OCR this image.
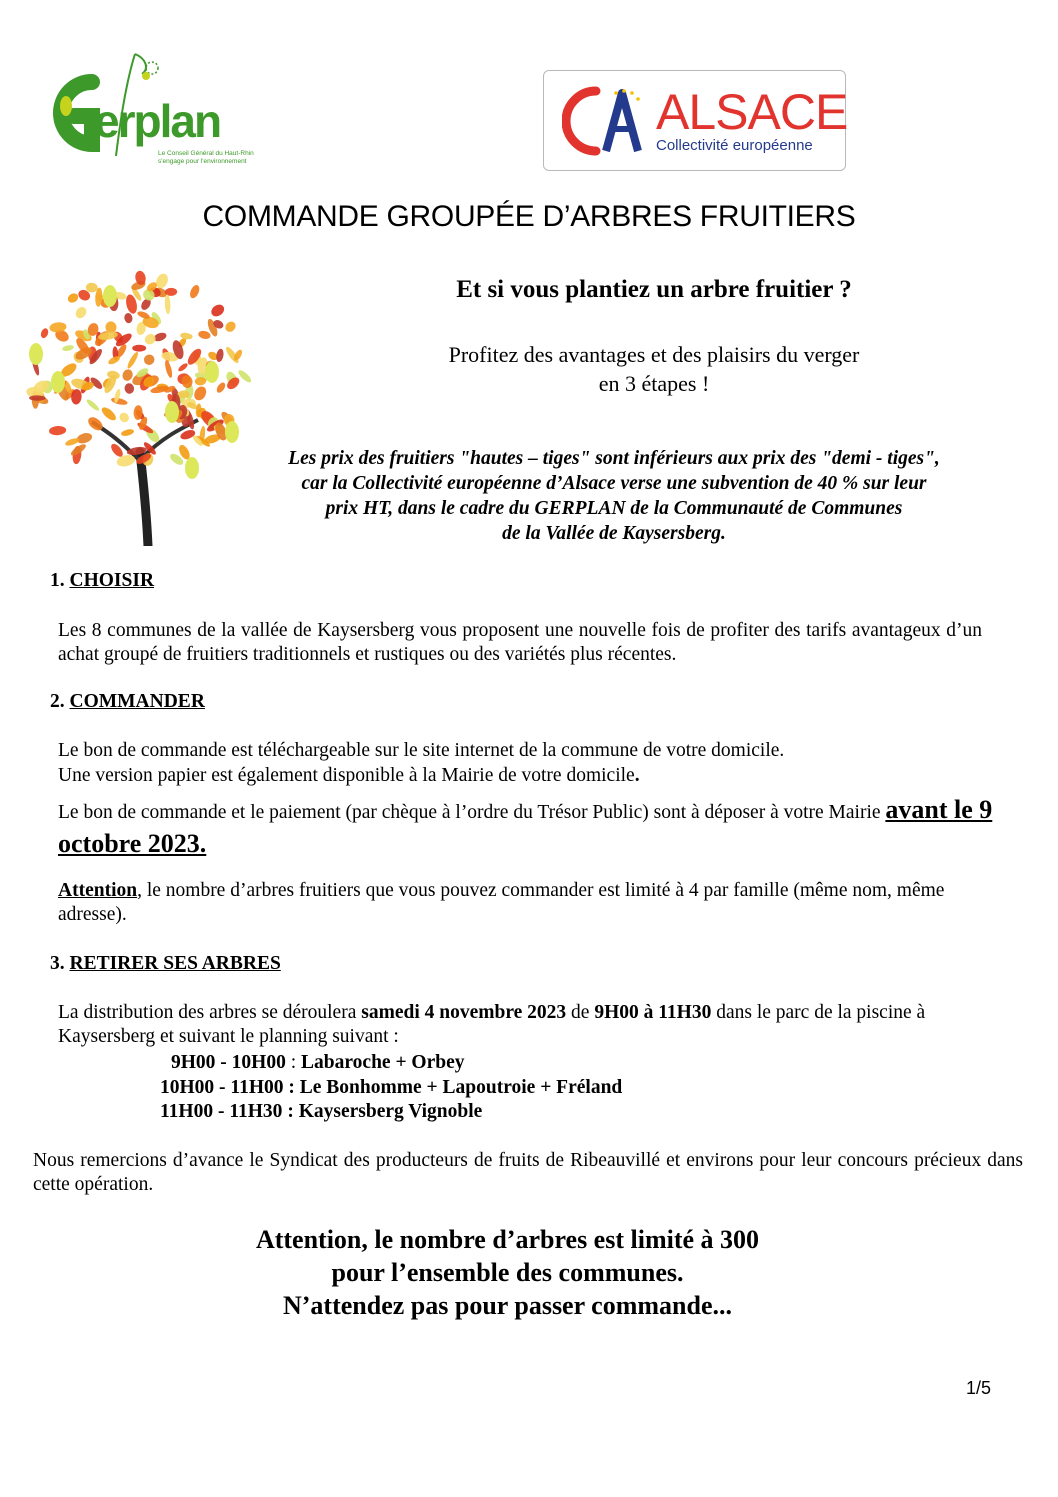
erplan
Le Conseil Général du Haut-Rhin
s'engage pour l'environnement
ALSACE
Collectivité européenne
COMMANDE GROUPÉE D’ARBRES FRUITIERS
Et si vous plantiez un arbre fruitier ?
Profitez des avantages et des plaisirs du verger
en 3 étapes !
Les prix des fruitiers "hautes – tiges" sont inférieurs aux prix des "demi - tiges",
car la Collectivité européenne d’Alsace verse une subvention de 40 % sur leur
prix HT, dans le cadre du GERPLAN de la Communauté de Communes
de la Vallée de Kaysersberg.
1. CHOISIR
Les 8 communes de la vallée de Kaysersberg vous proposent une nouvelle fois de profiter des tarifs avantageux d’un achat groupé de fruitiers traditionnels et rustiques ou des variétés plus récentes.
2. COMMANDER
Le bon de commande est téléchargeable sur le site internet de la commune de votre domicile.
Une version papier est également disponible à la Mairie de votre domicile.
Le bon de commande et le paiement (par chèque à l’ordre du Trésor Public) sont à déposer à votre Mairie avant le 9 octobre 2023.
Attention, le nombre d’arbres fruitiers que vous pouvez commander est limité à 4 par famille (même nom, même adresse).
3. RETIRER SES ARBRES
La distribution des arbres se déroulera samedi 4 novembre 2023 de 9H00 à 11H30 dans le parc de la piscine à Kaysersberg et suivant le planning suivant :
9H00 - 10H00 : Labaroche + Orbey
10H00 - 11H00 : Le Bonhomme + Lapoutroie + Fréland
11H00 - 11H30 : Kaysersberg Vignoble
Nous remercions d’avance le Syndicat des producteurs de fruits de Ribeauvillé et environs pour leur concours précieux dans cette opération.
Attention, le nombre d’arbres est limité à 300
pour l’ensemble des communes.
N’attendez pas pour passer commande...
1/5
